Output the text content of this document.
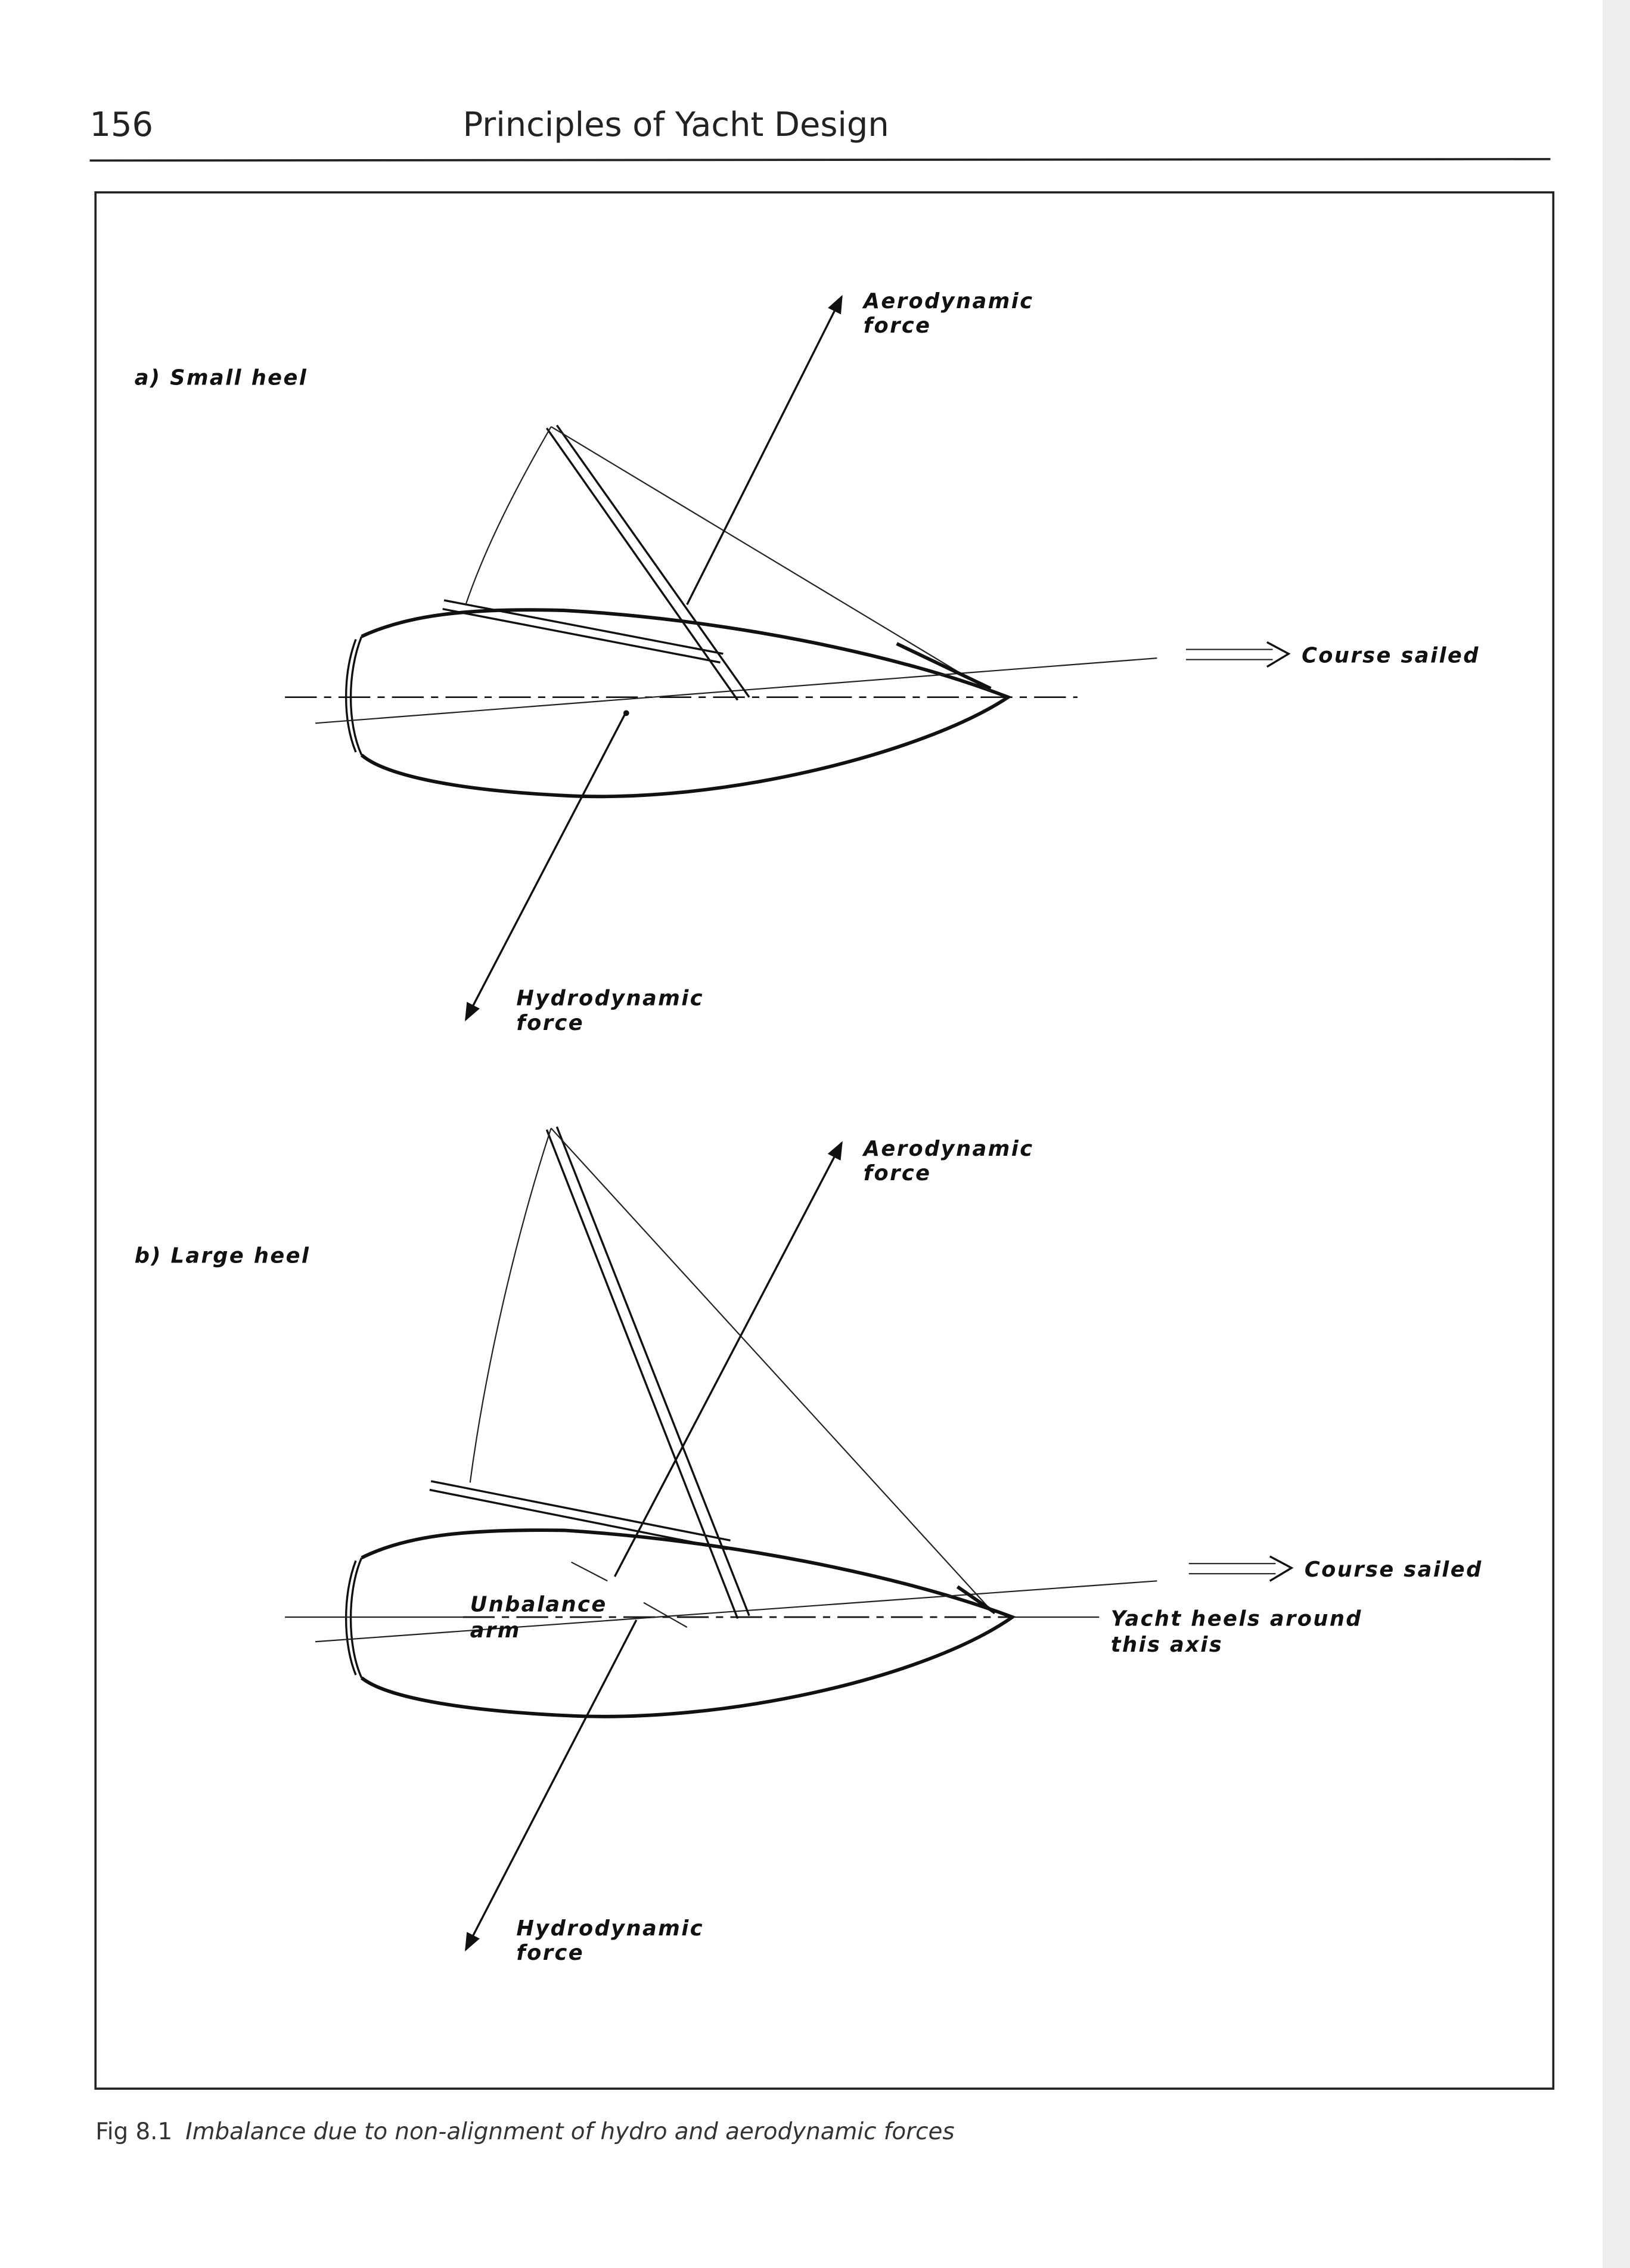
156	Principles of Yacht Design
a) Small heel
Course sailed
Aerodynamic
force
Hydrodynamic
force
b) Large heel
Course sailed
Aerodynamic
force
Hydrodynamic
force
Unbalance
arm	Yacht heels around
this axis
Fig 8.1 Imbalance due to non-alignment of hydro and aerodynamic forces
